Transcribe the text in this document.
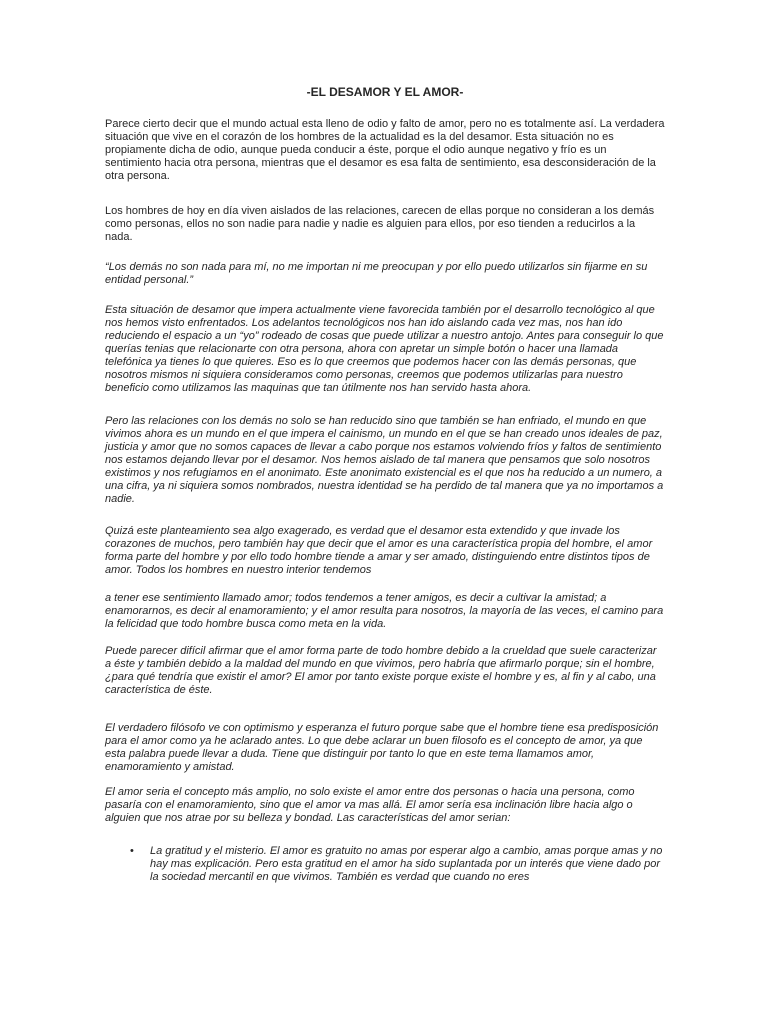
-EL DESAMOR Y EL AMOR-

Parece cierto decir que el mundo actual esta lleno de odio y falto de amor, pero no es totalmente así. La verdadera situación que vive en el corazón de los hombres de la actualidad es la del desamor. Esta situación no es propiamente dicha de odio, aunque pueda conducir a éste, porque el odio aunque negativo y frío es un sentimiento hacia otra persona, mientras que el desamor es esa falta de sentimiento, esa desconsideración de la otra persona.

Los hombres de hoy en día viven aislados de las relaciones, carecen de ellas porque no consideran a los demás como personas, ellos no son nadie para nadie y nadie es alguien para ellos, por eso tienden a reducirlos a la nada.

“Los demás no son nada para mí, no me importan ni me preocupan y por ello puedo utilizarlos sin fijarme en su entidad personal.”

Esta situación de desamor que impera actualmente viene favorecida también por el desarrollo tecnológico al que nos hemos visto enfrentados. Los adelantos tecnológicos nos han ido aislando cada vez mas, nos han ido reduciendo el espacio a un “yo” rodeado de cosas que puede utilizar a nuestro antojo. Antes para conseguir lo que querías tenias que relacionarte con otra persona, ahora con apretar un simple botón o hacer una llamada telefónica ya tienes lo que quieres. Eso es lo que creemos que podemos hacer con las demás personas, que nosotros mismos ni siquiera consideramos como personas, creemos que podemos utilizarlas para nuestro beneficio como utilizamos las maquinas que tan útilmente nos han servido hasta ahora.

Pero las relaciones con los demás no solo se han reducido sino que también se han enfriado, el mundo en que vivimos ahora es un mundo en el que impera el cainismo, un mundo en el que se han creado unos ideales de paz, justicia y amor que no somos capaces de llevar a cabo porque nos estamos volviendo fríos y faltos de sentimiento nos estamos dejando llevar por el desamor. Nos hemos aislado de tal manera que pensamos que solo nosotros existimos y nos refugiamos en el anonimato. Este anonimato existencial es el que nos ha reducido a un numero, a una cifra, ya ni siquiera somos nombrados, nuestra identidad se ha perdido de tal manera que ya no importamos a nadie.

Quizá este planteamiento sea algo exagerado, es verdad que el desamor esta extendido y que invade los corazones de muchos, pero también hay que decir que el amor es una característica propia del hombre, el amor forma parte del hombre y por ello todo hombre tiende a amar y ser amado, distinguiendo entre distintos tipos de amor. Todos los hombres en nuestro interior tendemos

a tener ese sentimiento llamado amor; todos tendemos a tener amigos, es decir a cultivar la amistad; a enamorarnos, es decir al enamoramiento; y el amor resulta para nosotros, la mayoría de las veces, el camino para la felicidad que todo hombre busca como meta en la vida.

Puede parecer difícil afirmar que el amor forma parte de todo hombre debido a la crueldad que suele caracterizar a éste y también debido a la maldad del mundo en que vivimos, pero habría que afirmarlo porque; sin el hombre, ¿para qué tendría que existir el amor? El amor por tanto existe porque existe el hombre y es, al fin y al cabo, una característica de éste.

El verdadero filósofo ve con optimismo y esperanza el futuro porque sabe que el hombre tiene esa predisposición para el amor como ya he aclarado antes. Lo que debe aclarar un buen filosofo es el concepto de amor, ya que esta palabra puede llevar a duda. Tiene que distinguir por tanto lo que en este tema llamamos amor, enamoramiento y amistad.

El amor seria el concepto más amplio, no solo existe el amor entre dos personas o hacia una persona, como pasaría con el enamoramiento, sino que el amor va mas allá. El amor sería esa inclinación libre hacia algo o alguien que nos atrae por su belleza y bondad. Las características del amor serian:

• La gratitud y el misterio. El amor es gratuito no amas por esperar algo a cambio, amas porque amas y no hay mas explicación. Pero esta gratitud en el amor ha sido suplantada por un interés que viene dado por la sociedad mercantil en que vivimos. También es verdad que cuando no eres
